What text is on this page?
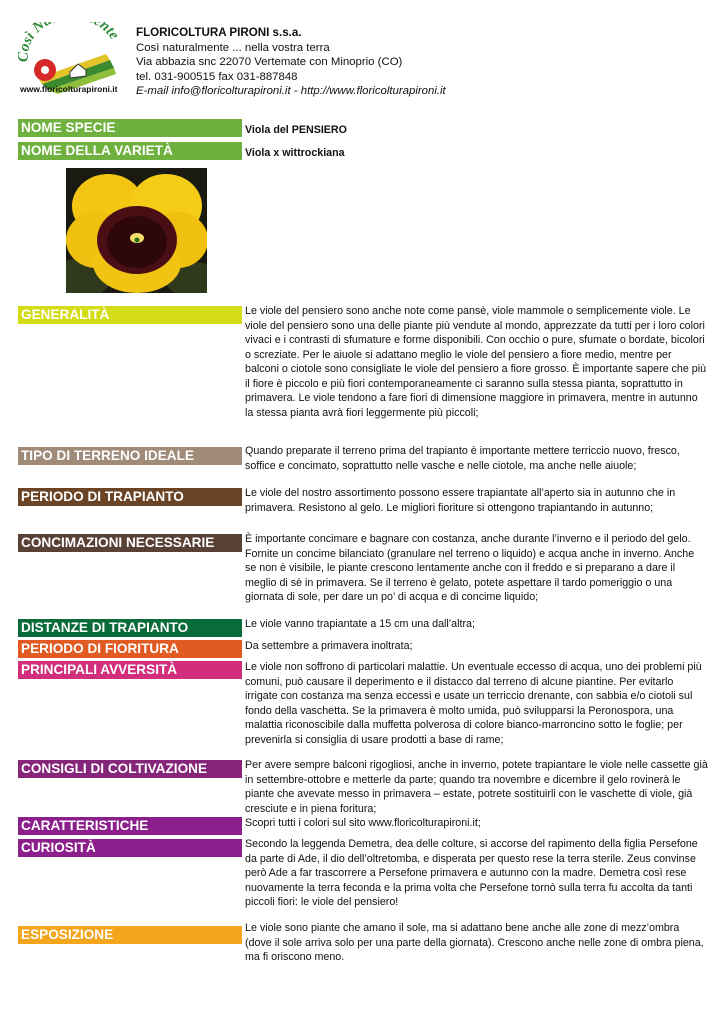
sì N nte
www.floricolturapironi.it
FLORICOLTURA PIRONI s.s.a.
Così naturalmente ... nella vostra terra
Via abbazia snc 22070 Vertemate con Minoprio (CO)
tel. 031-900515 fax 031-887848
E-mail info@floricolturapironi.it - http://www.floricolturapironi.it
NOME SPECIE	Viola del PENSIERO
NOME DELLA VARIETÀ	Viola x wittrockiana
GENERALITÀ	Le viole del pensiero sono anche note come pansè, viole mammole o semplicemente viole. Le viole del pensiero sono una delle piante più vendute al mondo, apprezzate da tutti per i loro colori vivaci e i contrasti di sfumature e forme disponibili. Con occhio o pure, sfumate o bordate, bicolori o screziate. Per le aiuole si adattano meglio le viole del pensiero a fiore medio, mentre per balconi o ciotole sono consigliate le viole del pensiero a fiore grosso. È importante sapere che più il fiore è piccolo e più fiori contemporaneamente ci saranno sulla stessa pianta, soprattutto in primavera. Le viole tendono a fare fiori di dimensione maggiore in primavera, mentre in autunno la stessa pianta avrà fiori leggermente più piccoli;
TIPO DI TERRENO IDEALE	Quando preparate il terreno prima del trapianto è importante mettere terriccio nuovo, fresco, soffice e concimato, soprattutto nelle vasche e nelle ciotole, ma anche nelle aiuole;
PERIODO DI TRAPIANTO	Le viole del nostro assortimento possono essere trapiantate all’aperto sia in autunno che in primavera. Resistono al gelo. Le migliori fioriture si ottengono trapiantando in autunno;
CONCIMAZIONI NECESSARIE	È importante concimare e bagnare con costanza, anche durante l’inverno e il periodo del gelo. Fornite un concime bilanciato (granulare nel terreno o liquido) e acqua anche in inverno. Anche se non è visibile, le piante crescono lentamente anche con il freddo e si preparano a dare il meglio di sè in primavera. Se il terreno è gelato, potete aspettare il tardo pomeriggio o una giornata di sole, per dare un po’ di acqua e di concime liquido;
DISTANZE DI TRAPIANTO	Le viole vanno trapiantate a 15 cm una dall’altra;
PERIODO DI FIORITURA	Da settembre a primavera inoltrata;
PRINCIPALI AVVERSITÀ	Le viole non soffrono di particolari malattie. Un eventuale eccesso di acqua, uno dei problemi più comuni, può causare il deperimento e il distacco dal terreno di alcune piantine. Per evitarlo irrigate con costanza ma senza eccessi e usate un terriccio drenante, con sabbia e/o ciotoli sul fondo della vaschetta. Se la primavera è molto umida, può svilupparsi la Peronospora, una malattia riconoscibile dalla muffetta polverosa di colore bianco-marroncino sotto le foglie; per prevenirla si consiglia di usare prodotti a base di rame;
CONSIGLI DI COLTIVAZIONE	Per avere sempre balconi rigogliosi, anche in inverno, potete trapiantare le viole nelle cassette già in settembre-ottobre e metterle da parte; quando tra novembre e dicembre il gelo rovinerà le piante che avevate messo in primavera – estate, potrete sostituirli con le vaschette di viole, già cresciute e in piena foritura;
CARATTERISTICHE	Scopri tutti i colori sul sito www.floricolturapironi.it;
CURIOSITÀ	Secondo la leggenda Demetra, dea delle colture, si accorse del rapimento della figlia Persefone da parte di Ade, il dio dell’oltretomba, e disperata per questo rese la terra sterile. Zeus convinse però Ade a far trascorrere a Persefone primavera e autunno con la madre. Demetra così rese nuovamente la terra feconda e la prima volta che Persefone tornò sulla terra fu accolta da tanti piccoli fiori: le viole del pensiero!
ESPOSIZIONE	Le viole sono piante che amano il sole, ma si adattano bene anche alle zone di mezz’ombra (dove il sole arriva solo per una parte della giornata). Crescono anche nelle zone di ombra piena, ma fi oriscono meno.
